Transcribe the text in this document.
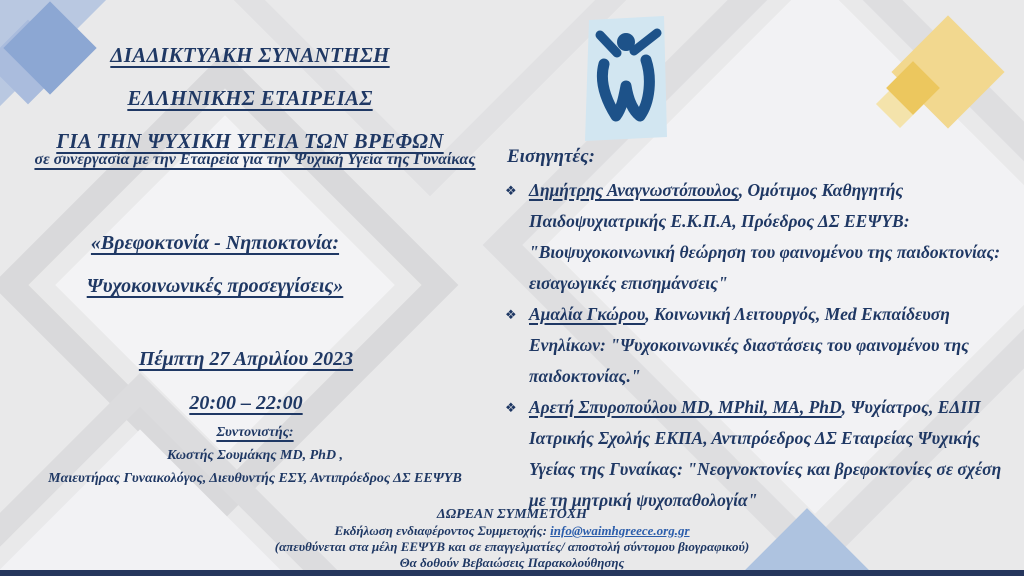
ΔΙΑΔΙΚΤΥΑΚΗ ΣΥΝΑΝΤΗΣΗ
ΕΛΛΗΝΙΚΗΣ ΕΤΑΙΡΕΙΑΣ
ΓΙΑ ΤΗΝ ΨΥΧΙΚΗ ΥΓΕΙΑ ΤΩΝ ΒΡΕΦΩΝ
σε συνεργασία με την Εταιρεία για την Ψυχική Υγεία της Γυναίκας
«Βρεφοκτονία - Νηπιοκτονία:
Ψυχοκοινωνικές προσεγγίσεις»
Πέμπτη 27 Απριλίου 2023
20:00 – 22:00
Συντονιστής:
Κωστής Σουμάκης MD, PhD ,
Μαιευτήρας Γυναικολόγος, Διευθυντής ΕΣΥ, Αντιπρόεδρος ΔΣ ΕΕΨΥΒ
Εισηγητές:
❖ Δημήτρης Αναγνωστόπουλος, Ομότιμος Καθηγητής Παιδοψυχιατρικής Ε.Κ.Π.Α, Πρόεδρος ΔΣ ΕΕΨΥΒ: "Βιοψυχοκοινωνική θεώρηση του φαινομένου της παιδοκτονίας: εισαγωγικές επισημάνσεις"
❖ Αμαλία Γκώρου, Κοινωνική Λειτουργός, Med Εκπαίδευση Ενηλίκων: "Ψυχοκοινωνικές διαστάσεις του φαινομένου της παιδοκτονίας."
❖ Αρετή Σπυροπούλου MD, MPhil, MA, PhD, Ψυχίατρος, ΕΔΙΠ Ιατρικής Σχολής ΕΚΠΑ, Αντιπρόεδρος ΔΣ Εταιρείας Ψυχικής Υγείας της Γυναίκας: "Νεογνοκτονίες και βρεφοκτονίες σε σχέση με τη μητρική ψυχοπαθολογία"
ΔΩΡΕΑΝ ΣΥΜΜΕΤΟΧΗ
Εκδήλωση ενδιαφέροντος Συμμετοχής: info@waimhgreece.org.gr
(απευθύνεται στα μέλη ΕΕΨΥΒ και σε επαγγελματίες/ αποστολή σύντομου βιογραφικού)
Θα δοθούν Βεβαιώσεις Παρακολούθησης
